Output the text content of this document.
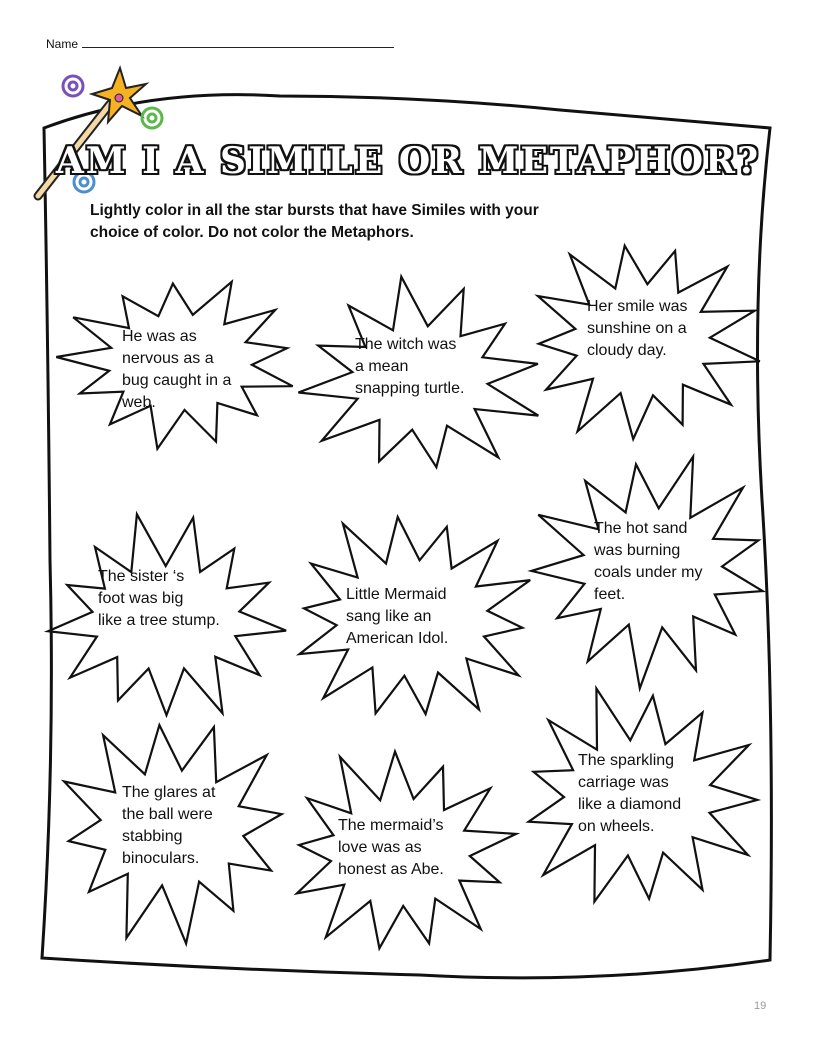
Name
AM I A SIMILE OR METAPHOR?
Lightly color in all the star bursts that have Similes with your
choice of color. Do not color the Metaphors.
He was as
nervous as a
bug caught in a
web.
The witch was
a mean
snapping turtle.
Her smile was
sunshine on a
cloudy day.
The sister ‘s
foot was big
like a tree stump.
Little Mermaid
sang like an
American Idol.
The hot sand
was burning
coals under my
feet.
The glares at
the ball were
stabbing
binoculars.
The mermaid’s
love was as
honest as Abe.
The sparkling
carriage was
like a diamond
on wheels.
19
